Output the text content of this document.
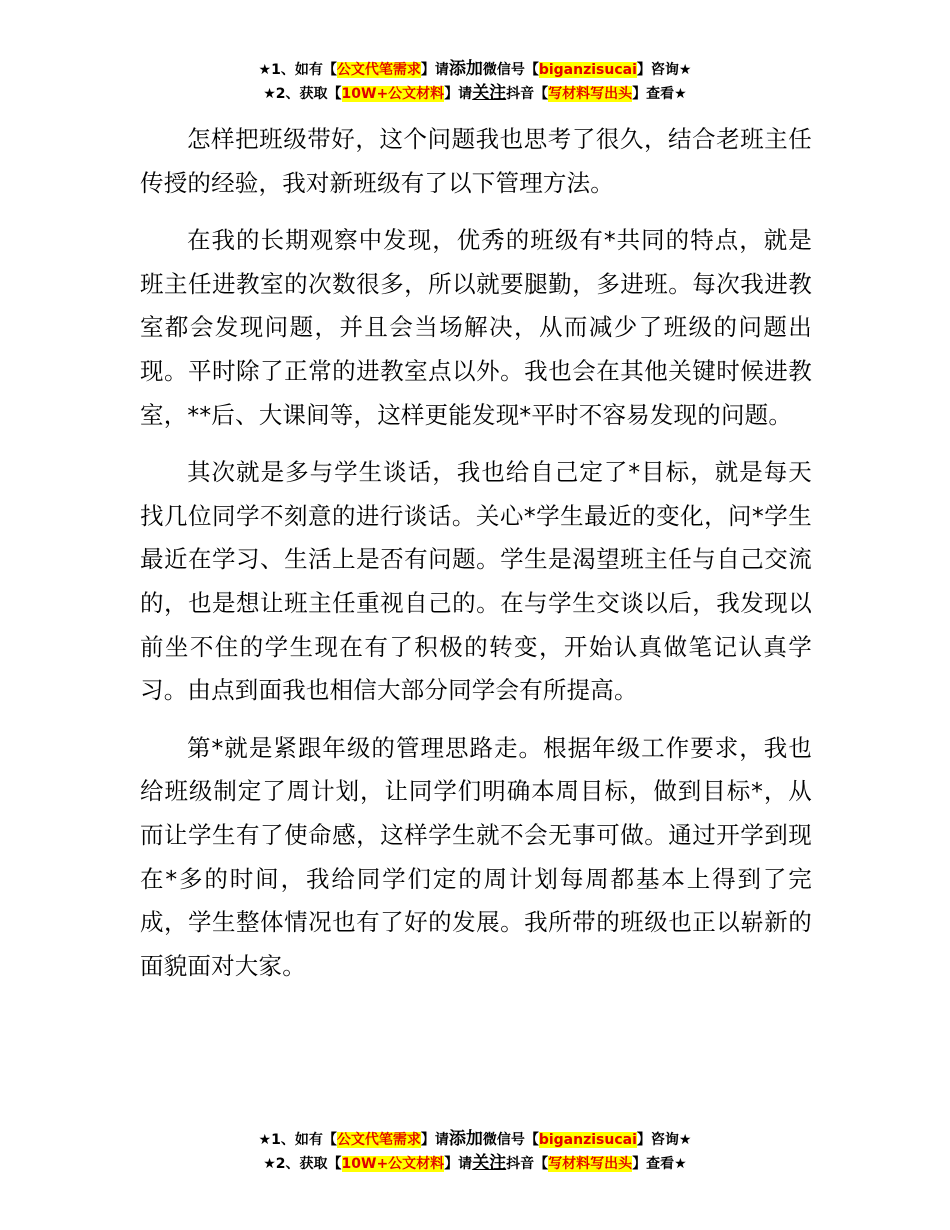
★1、如有【公文代笔需求】请添加微信号【biganzisucai】咨询★
★2、获取【10W+公文材料】请关注抖音【写材料写出头】查看★

怎样把班级带好，这个问题我也思考了很久，结合老班主任传授的经验，我对新班级有了以下管理方法。

在我的长期观察中发现，优秀的班级有*共同的特点，就是班主任进教室的次数很多，所以就要腿勤，多进班。每次我进教室都会发现问题，并且会当场解决，从而减少了班级的问题出现。平时除了正常的进教室点以外。我也会在其他关键时候进教室，**后、大课间等，这样更能发现*平时不容易发现的问题。

其次就是多与学生谈话，我也给自己定了*目标，就是每天找几位同学不刻意的进行谈话。关心*学生最近的变化，问*学生最近在学习、生活上是否有问题。学生是渴望班主任与自己交流的，也是想让班主任重视自己的。在与学生交谈以后，我发现以前坐不住的学生现在有了积极的转变，开始认真做笔记认真学习。由点到面我也相信大部分同学会有所提高。

第*就是紧跟年级的管理思路走。根据年级工作要求，我也给班级制定了周计划，让同学们明确本周目标，做到目标*，从而让学生有了使命感，这样学生就不会无事可做。通过开学到现在*多的时间，我给同学们定的周计划每周都基本上得到了完成，学生整体情况也有了好的发展。我所带的班级也正以崭新的面貌面对大家。

★1、如有【公文代笔需求】请添加微信号【biganzisucai】咨询★
★2、获取【10W+公文材料】请关注抖音【写材料写出头】查看★
